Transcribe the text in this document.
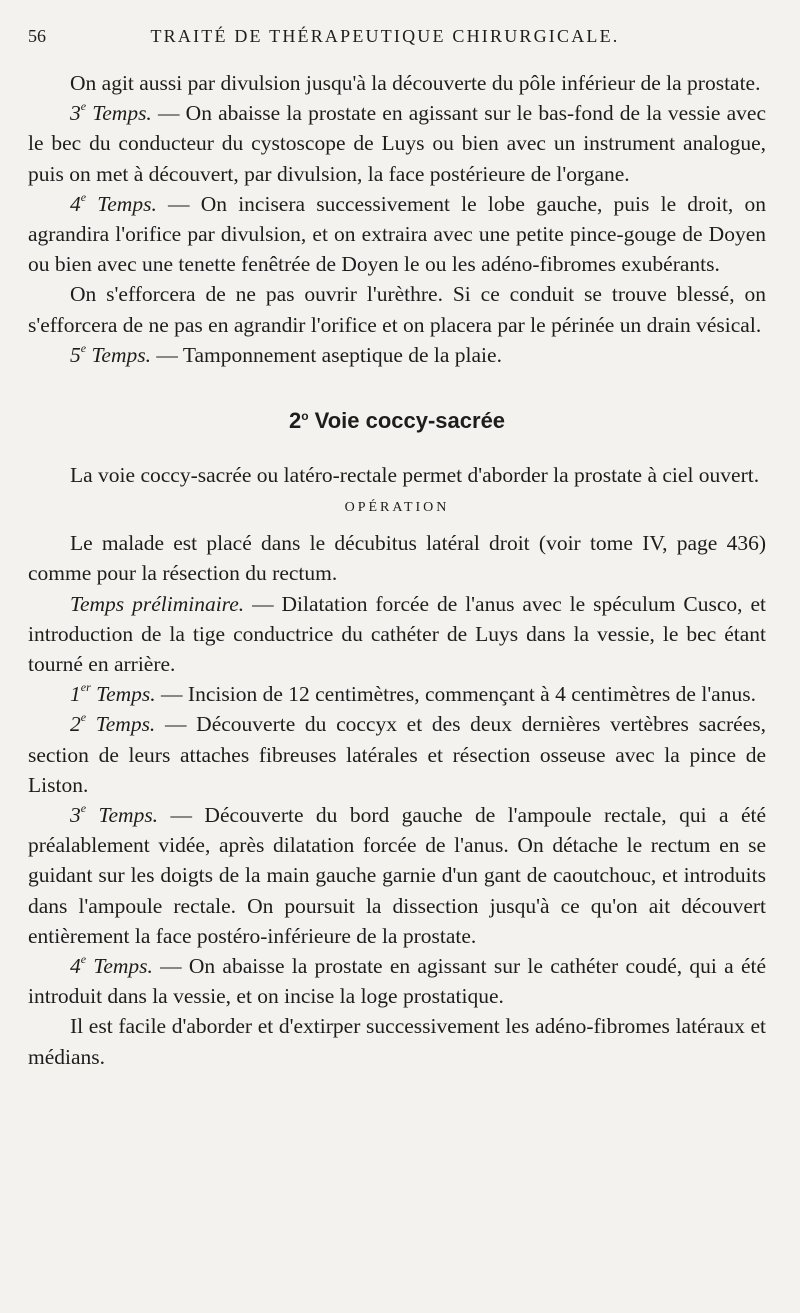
56	TRAITÉ DE THÉRAPEUTIQUE CHIRURGICALE.

On agit aussi par divulsion jusqu'à la découverte du pôle inférieur de la prostate.

3e Temps. — On abaisse la prostate en agissant sur le bas-fond de la vessie avec le bec du conducteur du cystoscope de Luys ou bien avec un instrument analogue, puis on met à découvert, par divulsion, la face postérieure de l'organe.

4e Temps. — On incisera successivement le lobe gauche, puis le droit, on agrandira l'orifice par divulsion, et on extraira avec une petite pince-gouge de Doyen ou bien avec une tenette fenêtrée de Doyen le ou les adéno-fibromes exubérants.

On s'efforcera de ne pas ouvrir l'urèthre. Si ce conduit se trouve blessé, on s'efforcera de ne pas en agrandir l'orifice et on placera par le périnée un drain vésical.

5e Temps. — Tamponnement aseptique de la plaie.

2$^o$ Voie coccy-sacrée

La voie coccy-sacrée ou latéro-rectale permet d'aborder la prostate à ciel ouvert.

OPÉRATION

Le malade est placé dans le décubitus latéral droit (voir tome IV, page 436) comme pour la résection du rectum.

Temps préliminaire. — Dilatation forcée de l'anus avec le spéculum Cusco, et introduction de la tige conductrice du cathéter de Luys dans la vessie, le bec étant tourné en arrière.

1er Temps. — Incision de 12 centimètres, commençant à 4 centimètres de l'anus.

2e Temps. — Découverte du coccyx et des deux dernières vertèbres sacrées, section de leurs attaches fibreuses latérales et résection osseuse avec la pince de Liston.

3e Temps. — Découverte du bord gauche de l'ampoule rectale, qui a été préalablement vidée, après dilatation forcée de l'anus. On détache le rectum en se guidant sur les doigts de la main gauche garnie d'un gant de caoutchouc, et introduits dans l'ampoule rectale. On poursuit la dissection jusqu'à ce qu'on ait découvert entièrement la face postéro-inférieure de la prostate.

4e Temps. — On abaisse la prostate en agissant sur le cathéter coudé, qui a été introduit dans la vessie, et on incise la loge prostatique.

Il est facile d'aborder et d'extirper successivement les adéno-fibromes latéraux et médians.
